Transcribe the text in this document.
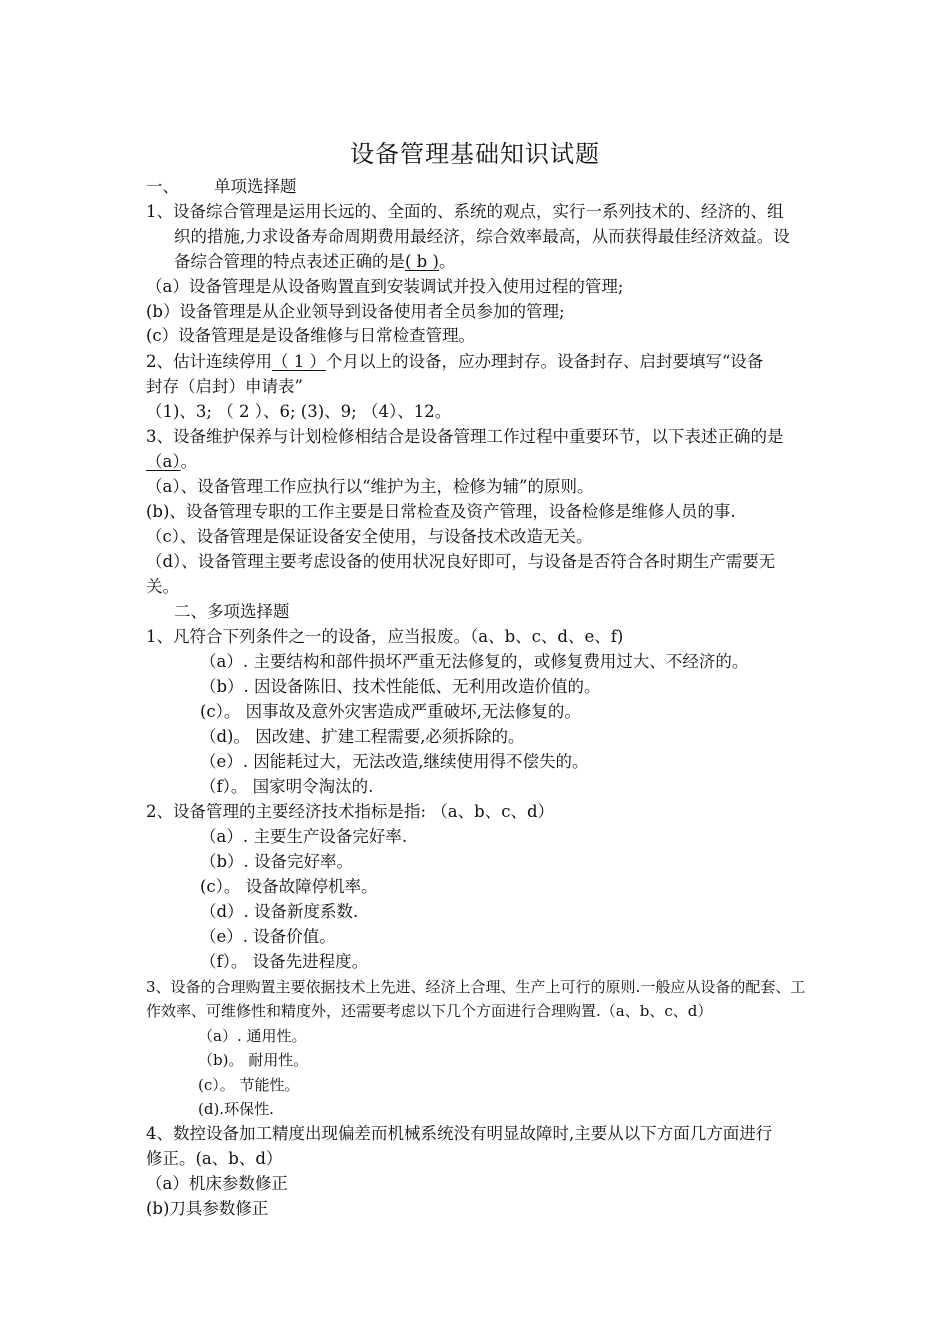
设备管理基础知识试题
一、 单项选择题
1、设备综合管理是运用长远的、全面的、系统的观点，实行一系列技术的、经济的、组
织的措施,力求设备寿命周期费用最经济，综合效率最高，从而获得最佳经济效益。设
备综合管理的特点表述正确的是( b )。
（a）设备管理是从设备购置直到安装调试并投入使用过程的管理;
(b）设备管理是从企业领导到设备使用者全员参加的管理;
(c）设备管理是是设备维修与日常检查管理。
2、估计连续停用（ 1 ）个月以上的设备，应办理封存。设备封存、启封要填写“设备
封存（启封）申请表”
（1)、3; （ 2 ）、6; (3)、9; （4）、12。
3、设备维护保养与计划检修相结合是设备管理工作过程中重要环节，以下表述正确的是
（a）。
（a）、设备管理工作应执行以“维护为主，检修为辅”的原则。
(b)、设备管理专职的工作主要是日常检查及资产管理，设备检修是维修人员的事.
（c）、设备管理是保证设备安全使用，与设备技术改造无关。
（d）、设备管理主要考虑设备的使用状况良好即可，与设备是否符合各时期生产需要无
关。
二、多项选择题
1、凡符合下列条件之一的设备，应当报废。（a、b、c、d、e、f)
（a）. 主要结构和部件损坏严重无法修复的，或修复费用过大、不经济的。
（b）. 因设备陈旧、技术性能低、无利用改造价值的。
(c）。 因事故及意外灾害造成严重破坏,无法修复的。
（d)。 因改建、扩建工程需要,必须拆除的。
（e）. 因能耗过大，无法改造,继续使用得不偿失的。
（f）。 国家明令淘汰的.
2、设备管理的主要经济技术指标是指: （a、b、c、d）
（a）. 主要生产设备完好率.
（b）. 设备完好率。
(c）。 设备故障停机率。
（d）. 设备新度系数.
（e）. 设备价值。
（f）。 设备先进程度。
3、设备的合理购置主要依据技术上先进、经济上合理、生产上可行的原则.一般应从设备的配套、工
作效率、可维修性和精度外，还需要考虑以下几个方面进行合理购置.（a、b、c、d）
（a）. 通用性。
（b)。 耐用性。
(c）。 节能性。
(d).环保性.
4、数控设备加工精度出现偏差而机械系统没有明显故障时,主要从以下方面几方面进行
修正。(a、b、d）
（a）机床参数修正
(b)刀具参数修正
